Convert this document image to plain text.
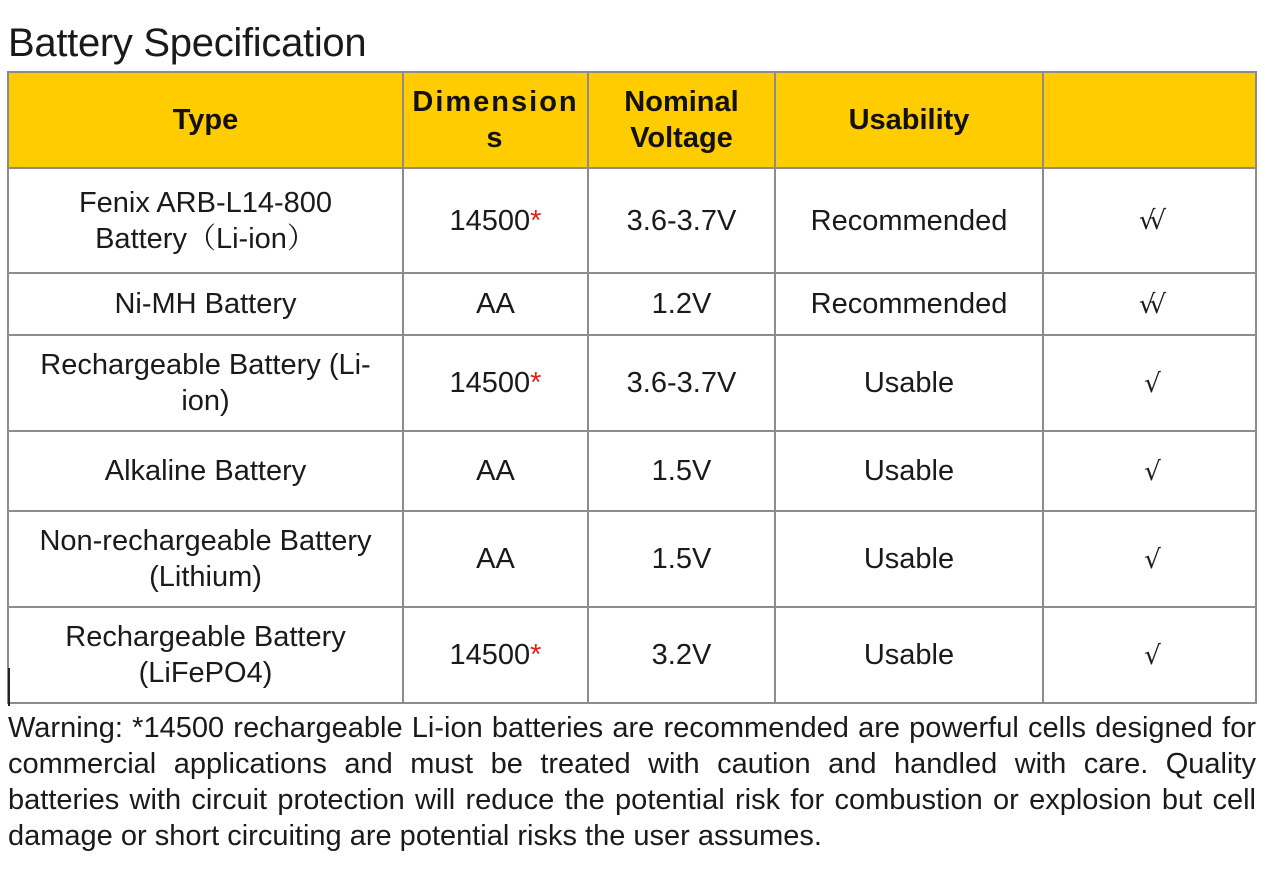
Battery Specification
Type	Dimensions	Nominal Voltage	Usability	

Fenix ARB-L14-800
Battery（Li-ion）	14500*	3.6-3.7V	Recommended	√√

Ni-MH Battery	AA	1.2V	Recommended	√√

Rechargeable Battery (Li-
ion)	14500*	3.6-3.7V	Usable	√

Alkaline Battery	AA	1.5V	Usable	√

Non-rechargeable Battery
(Lithium)	AA	1.5V	Usable	√

Rechargeable Battery
(LiFePO4)	14500*	3.2V	Usable	√

Warning: *14500 rechargeable Li-ion batteries are recommended are powerful cells designed for commercial applications and must be treated with caution and handled with care. Quality batteries with circuit protection will reduce the potential risk for combustion or explosion but cell damage or short circuiting are potential risks the user assumes.
